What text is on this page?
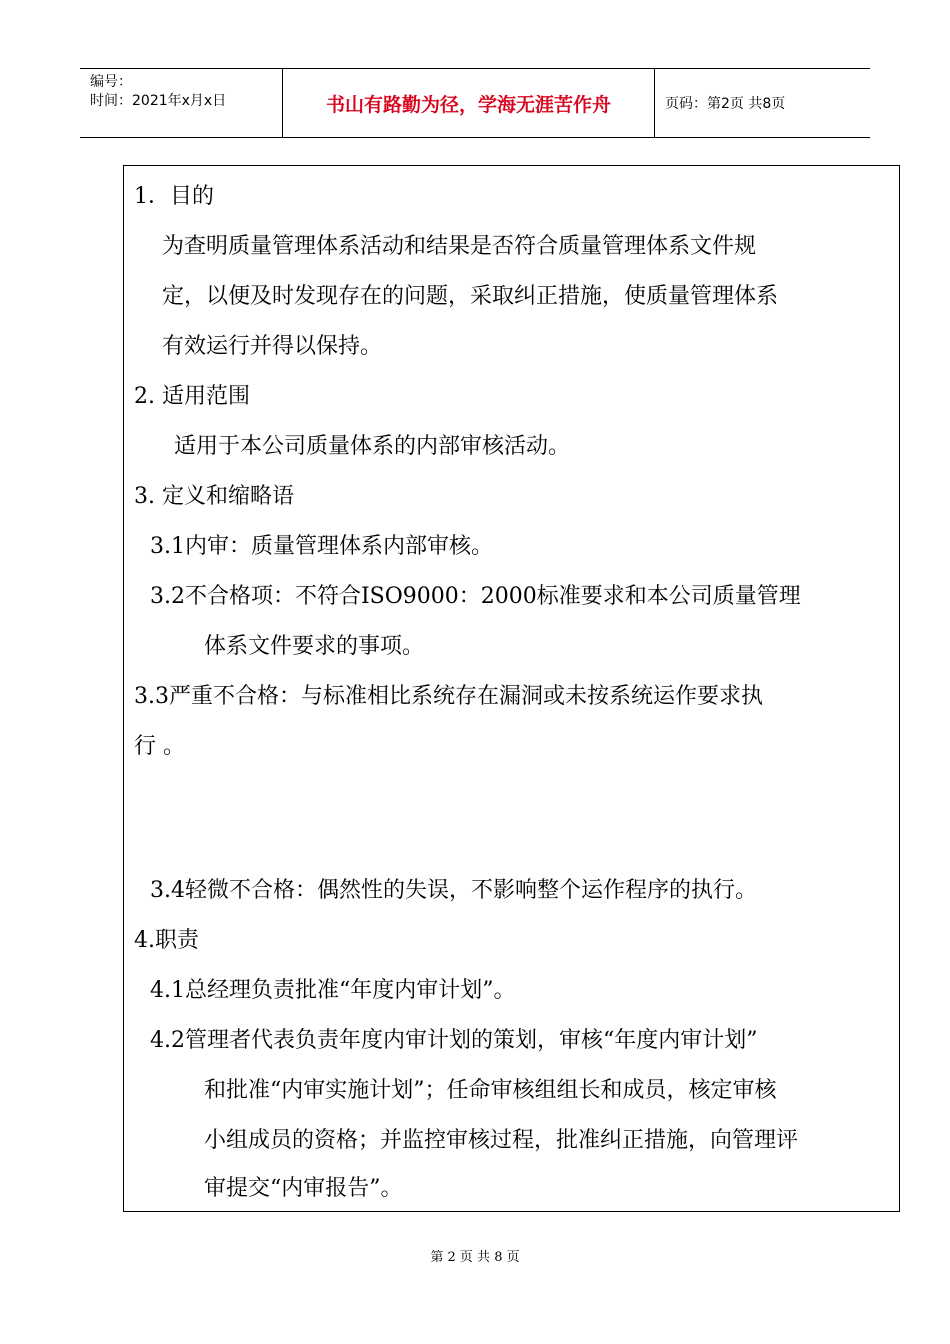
编号：
时间：2021年x月x日	书山有路勤为径，学海无涯苦作舟	页码：第2页 共8页
1．目的
为查明质量管理体系活动和结果是否符合质量管理体系文件规
定，以便及时发现存在的问题，采取纠正措施，使质量管理体系
有效运行并得以保持。
2. 适用范围
适用于本公司质量体系的内部审核活动。
3. 定义和缩略语
3.1内审：质量管理体系内部审核。
3.2不合格项：不符合ISO9000：2000标准要求和本公司质量管理
体系文件要求的事项。
3.3严重不合格：与标准相比系统存在漏洞或未按系统运作要求执
行 。
3.4轻微不合格：偶然性的失误，不影响整个运作程序的执行。
4.职责
4.1总经理负责批准“年度内审计划”。
4.2管理者代表负责年度内审计划的策划，审核“年度内审计划”
和批准“内审实施计划”；任命审核组组长和成员，核定审核
小组成员的资格；并监控审核过程，批准纠正措施，向管理评
审提交“内审报告”。
第 2 页 共 8 页
